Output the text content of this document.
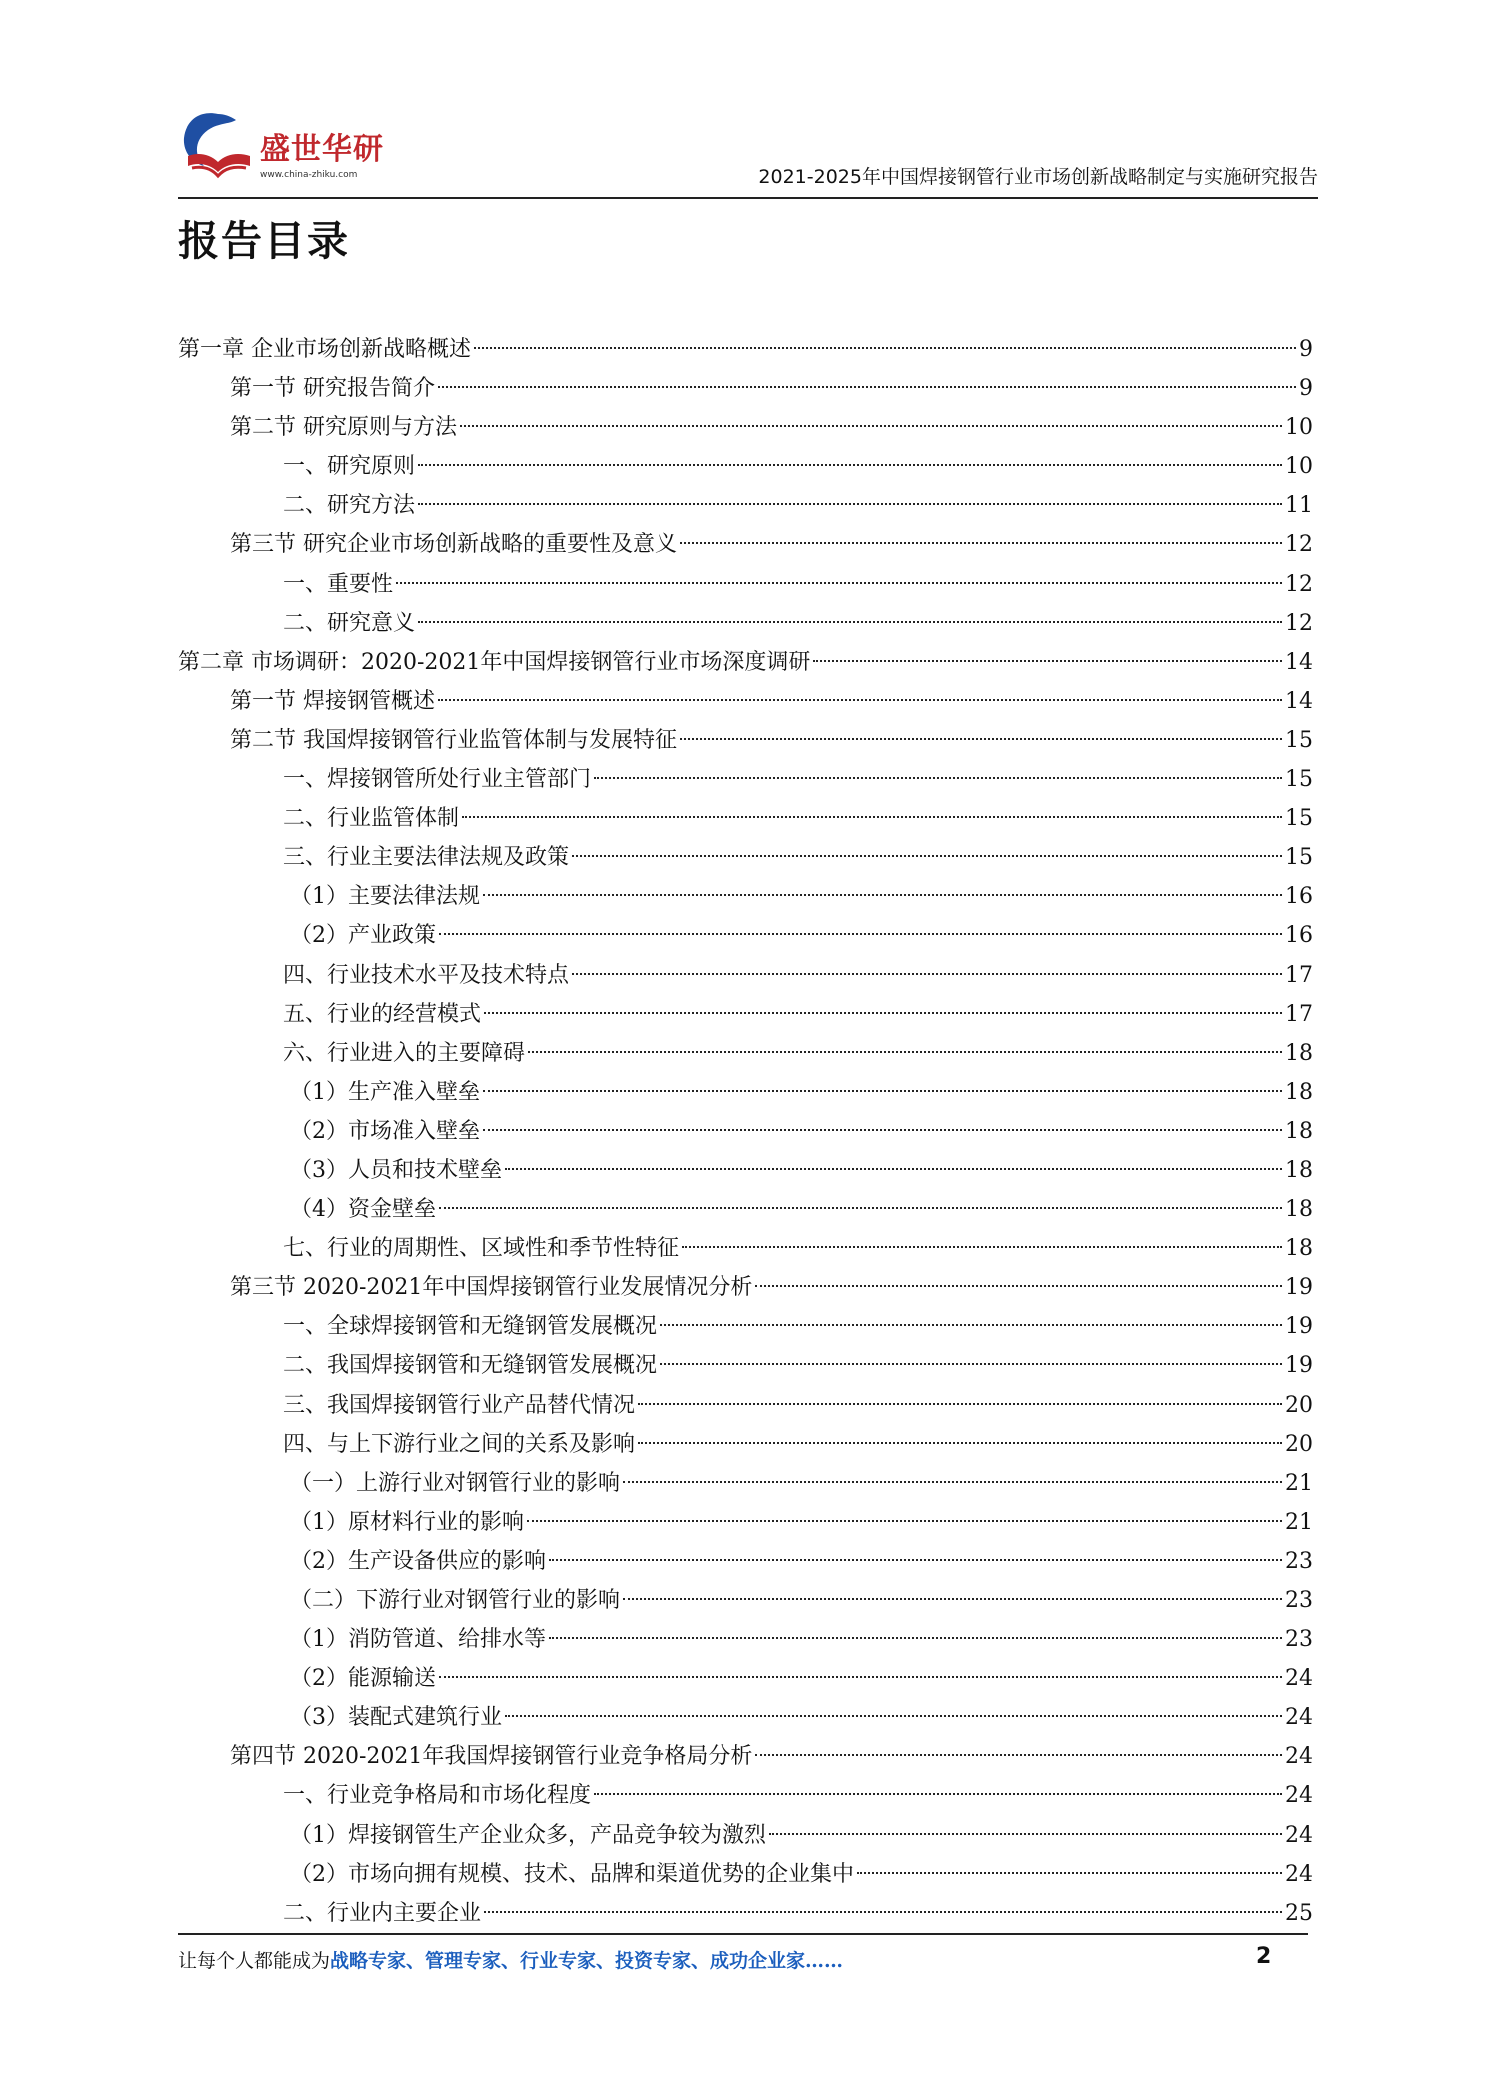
盛世华研
www.china-zhiku.com	2021-2025年中国焊接钢管行业市场创新战略制定与实施研究报告
报告目录
第一章 企业市场创新战略概述	9
第一节 研究报告简介	9
第二节 研究原则与方法	10
一、研究原则	10
二、研究方法	11
第三节 研究企业市场创新战略的重要性及意义	12
一、重要性	12
二、研究意义	12
第二章 市场调研：2020-2021年中国焊接钢管行业市场深度调研	14
第一节 焊接钢管概述	14
第二节 我国焊接钢管行业监管体制与发展特征	15
一、焊接钢管所处行业主管部门	15
二、行业监管体制	15
三、行业主要法律法规及政策	15
（1）主要法律法规	16
（2）产业政策	16
四、行业技术水平及技术特点	17
五、行业的经营模式	17
六、行业进入的主要障碍	18
（1）生产准入壁垒	18
（2）市场准入壁垒	18
（3）人员和技术壁垒	18
（4）资金壁垒	18
七、行业的周期性、区域性和季节性特征	18
第三节 2020-2021年中国焊接钢管行业发展情况分析	19
一、全球焊接钢管和无缝钢管发展概况	19
二、我国焊接钢管和无缝钢管发展概况	19
三、我国焊接钢管行业产品替代情况	20
四、与上下游行业之间的关系及影响	20
（一）上游行业对钢管行业的影响	21
（1）原材料行业的影响	21
（2）生产设备供应的影响	23
（二）下游行业对钢管行业的影响	23
（1）消防管道、给排水等	23
（2）能源输送	24
（3）装配式建筑行业	24
第四节 2020-2021年我国焊接钢管行业竞争格局分析	24
一、行业竞争格局和市场化程度	24
（1）焊接钢管生产企业众多，产品竞争较为激烈	24
（2）市场向拥有规模、技术、品牌和渠道优势的企业集中	24
二、行业内主要企业	25
让每个人都能成为战略专家、管理专家、行业专家、投资专家、成功企业家……	2
